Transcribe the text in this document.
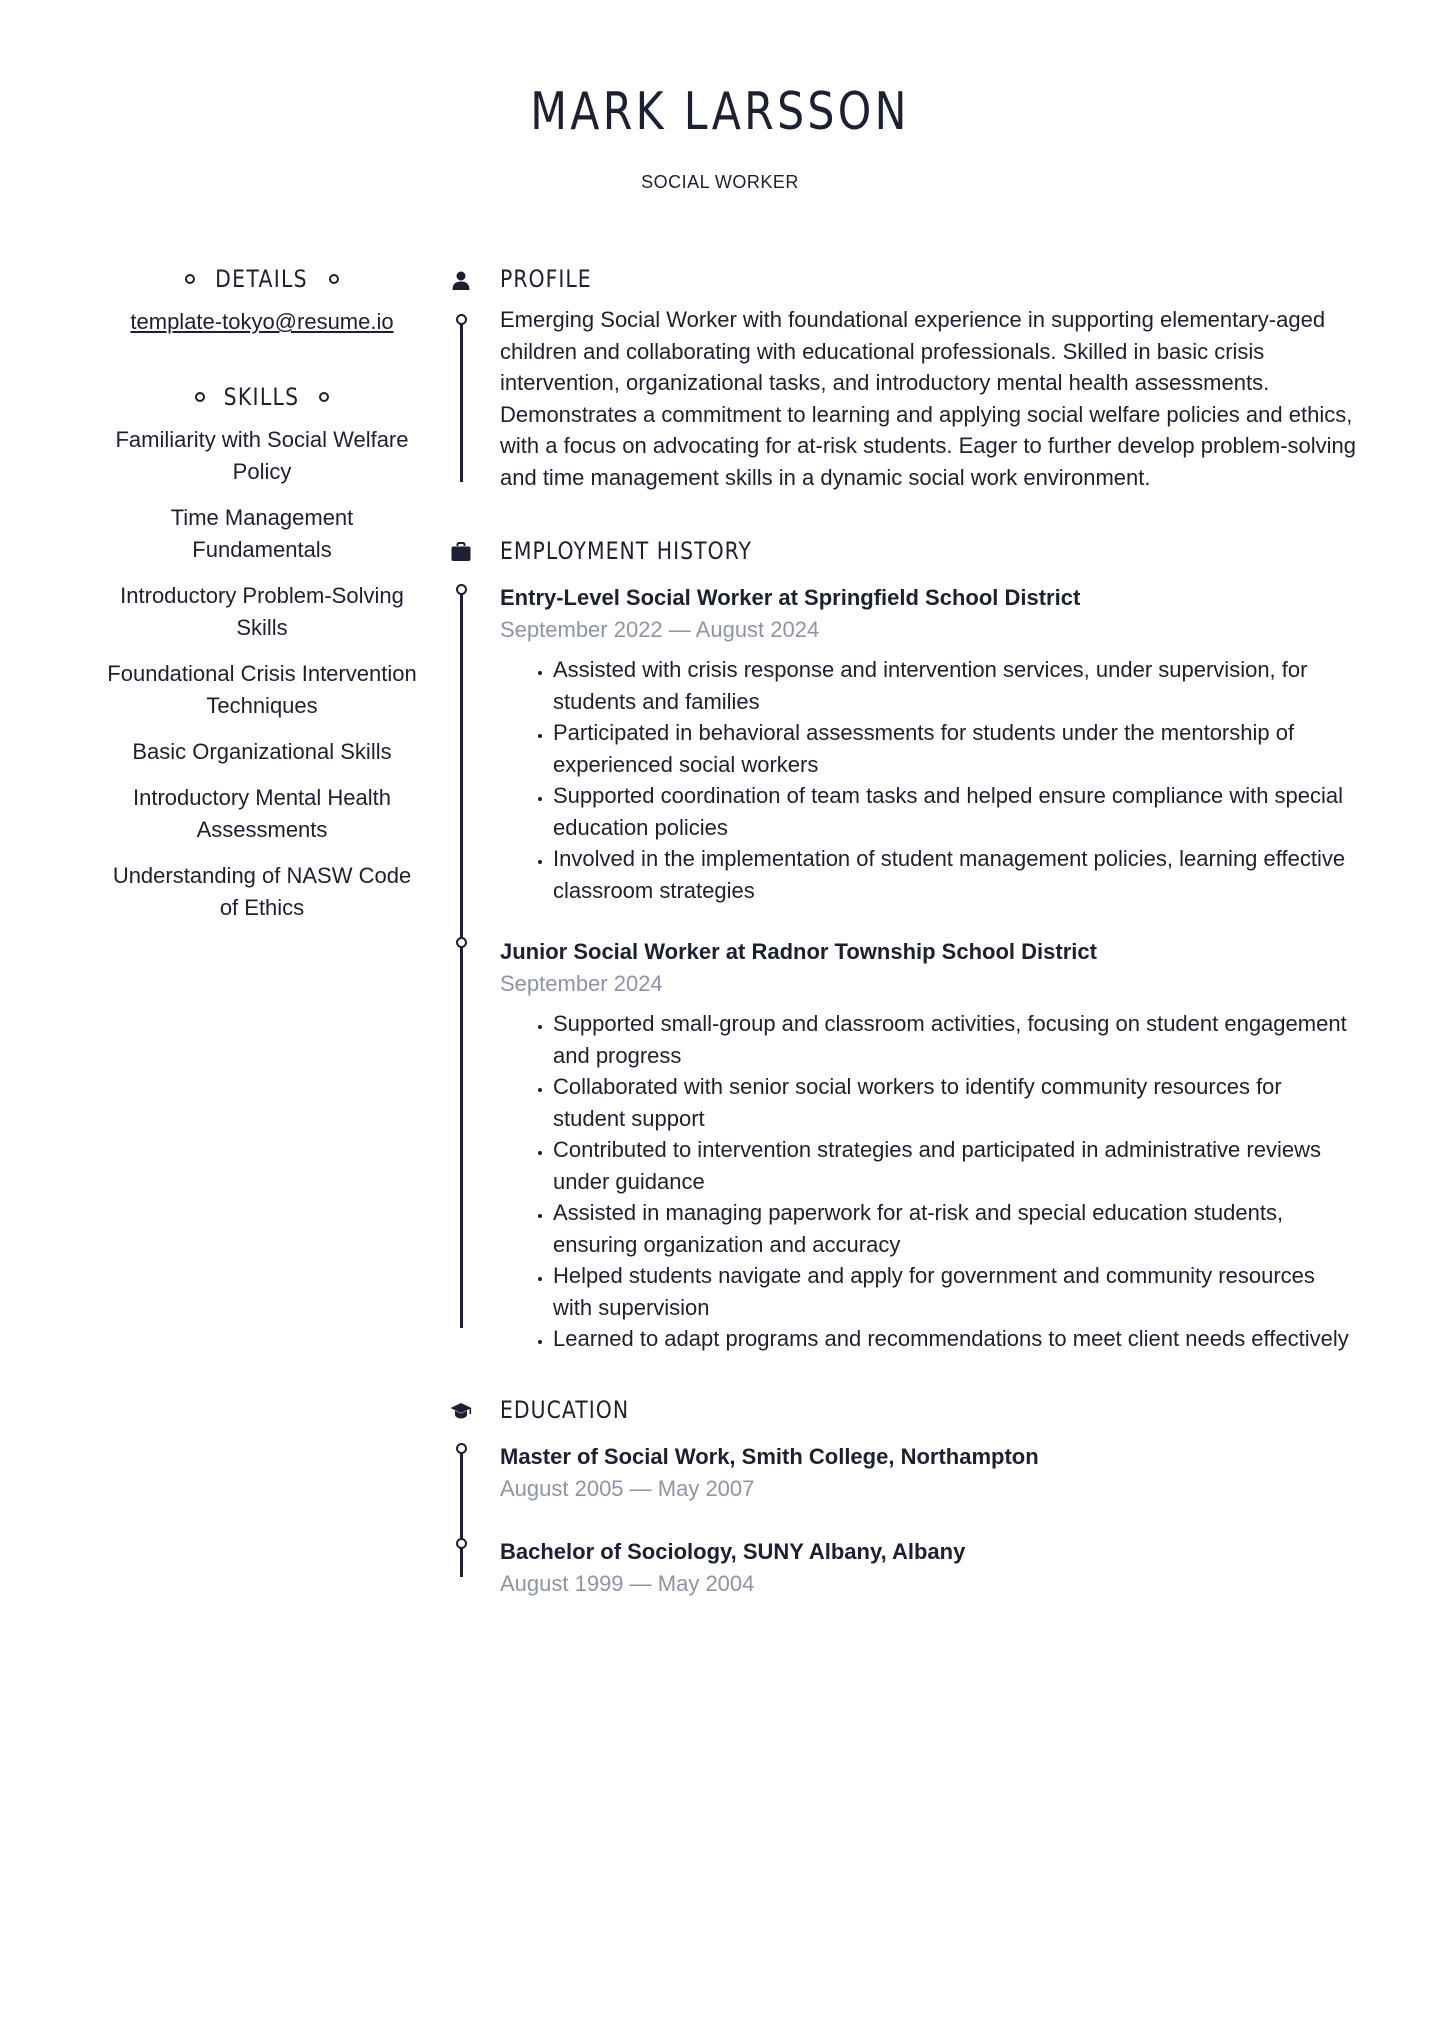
MARK LARSSON
SOCIAL WORKER
DETAILS
template-tokyo@resume.io
SKILLS
Familiarity with Social Welfare Policy
Time Management Fundamentals
Introductory Problem-Solving Skills
Foundational Crisis Intervention Techniques
Basic Organizational Skills
Introductory Mental Health Assessments
Understanding of NASW Code of Ethics
PROFILE

Emerging Social Worker with foundational experience in supporting elementary-aged children and collaborating with educational professionals. Skilled in basic crisis intervention, organizational tasks, and introductory mental health assessments. Demonstrates a commitment to learning and applying social welfare policies and ethics, with a focus on advocating for at-risk students. Eager to further develop problem-solving and time management skills in a dynamic social work environment.

EMPLOYMENT HISTORY
Entry-Level Social Worker at Springfield School District
September 2022 — August 2024
• Assisted with crisis response and intervention services, under supervision, for students and families
• Participated in behavioral assessments for students under the mentorship of experienced social workers
• Supported coordination of team tasks and helped ensure compliance with special education policies
• Involved in the implementation of student management policies, learning effective classroom strategies
Junior Social Worker at Radnor Township School District
September 2024
• Supported small-group and classroom activities, focusing on student engagement and progress
• Collaborated with senior social workers to identify community resources for student support
• Contributed to intervention strategies and participated in administrative reviews under guidance
• Assisted in managing paperwork for at-risk and special education students, ensuring organization and accuracy
• Helped students navigate and apply for government and community resources with supervision
• Learned to adapt programs and recommendations to meet client needs effectively
EDUCATION
Master of Social Work, Smith College, Northampton
August 2005 — May 2007
Bachelor of Sociology, SUNY Albany, Albany
August 1999 — May 2004
